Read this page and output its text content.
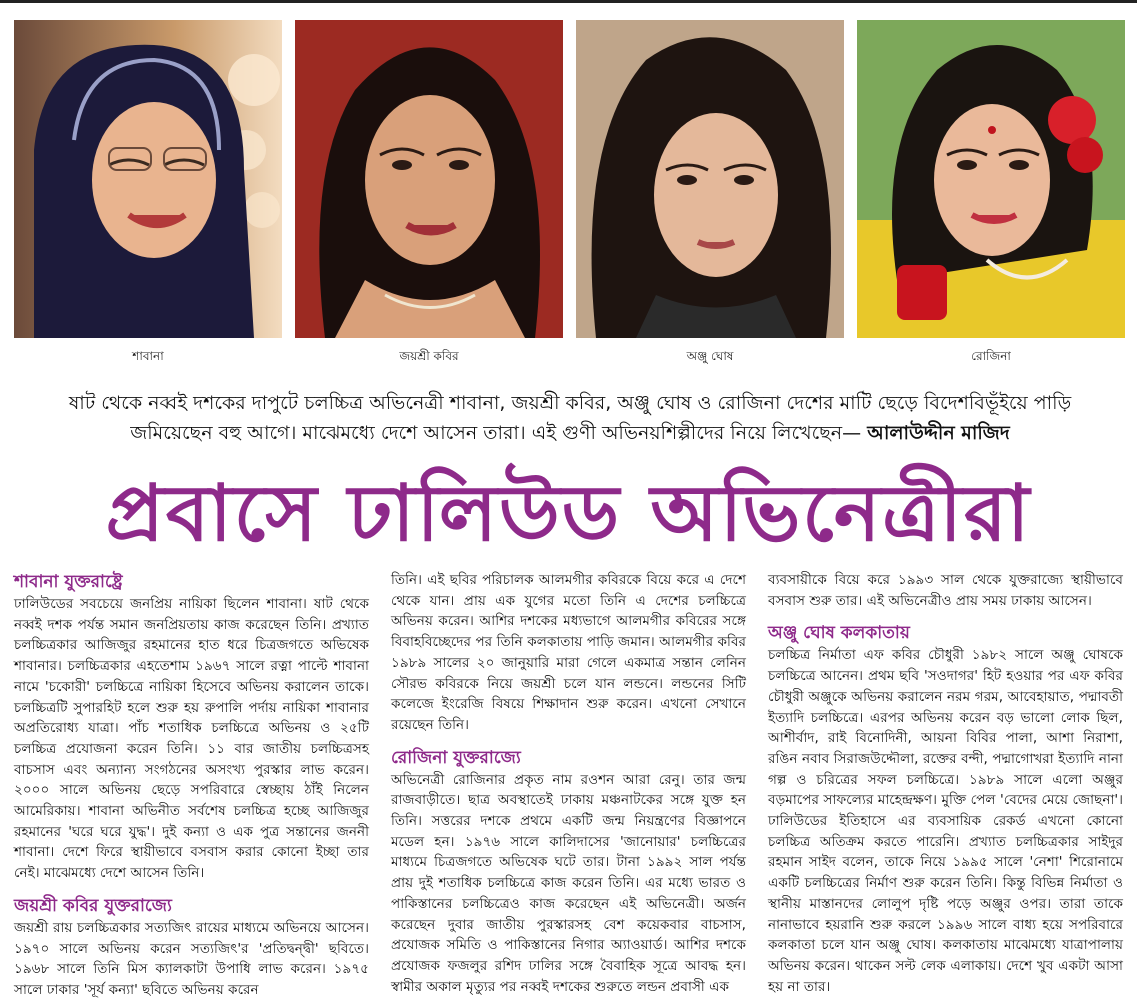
শাবানা	জয়শ্রী কবির	অঞ্জু ঘোষ	রোজিনা
ষাট থেকে নব্বই দশকের দাপুটে চলচ্চিত্র অভিনেত্রী শাবানা, জয়শ্রী কবির, অঞ্জু ঘোষ ও রোজিনা দেশের মাটি ছেড়ে বিদেশবিভূঁইয়ে পাড়ি
জমিয়েছেন বহু আগে। মাঝেমধ্যে দেশে আসেন তারা। এই গুণী অভিনয়শিল্পীদের নিয়ে লিখেছেন— আলাউদ্দীন মাজিদ
প্রবাসে ঢালিউড অভিনেত্রীরা

শাবানা যুক্তরাষ্ট্রে

ঢালিউডের সবচেয়ে জনপ্রিয় নায়িকা ছিলেন শাবানা। ষাট থেকে নব্বই দশক পর্যন্ত সমান জনপ্রিয়তায় কাজ করেছেন তিনি। প্রখ্যাত চলচ্চিত্রকার আজিজুর রহমানের হাত ধরে চিত্রজগতে অভিষেক শাবানার। চলচ্চিত্রকার এহতেশাম ১৯৬৭ সালে রত্না পাল্টে শাবানা নামে 'চকোরী' চলচ্চিত্রে নায়িকা হিসেবে অভিনয় করালেন তাকে। চলচ্চিত্রটি সুপারহিট হলে শুরু হয় রুপালি পর্দায় নায়িকা শাবানার অপ্রতিরোধ্য যাত্রা। পাঁচ শতাধিক চলচ্চিত্রে অভিনয় ও ২৫টি চলচ্চিত্র প্রযোজনা করেন তিনি। ১১ বার জাতীয় চলচ্চিত্রসহ বাচসাস এবং অন্যান্য সংগঠনের অসংখ্য পুরস্কার লাভ করেন। ২০০০ সালে অভিনয় ছেড়ে সপরিবারে স্বেচ্ছায় ঠাঁই নিলেন আমেরিকায়। শাবানা অভিনীত সর্বশেষ চলচ্চিত্র হচ্ছে আজিজুর রহমানের 'ঘরে ঘরে যুদ্ধ'। দুই কন্যা ও এক পুত্র সন্তানের জননী শাবানা। দেশে ফিরে স্থায়ীভাবে বসবাস করার কোনো ইচ্ছা তার নেই। মাঝেমধ্যে দেশে আসেন তিনি।

জয়শ্রী কবির যুক্তরাজ্যে

জয়শ্রী রায় চলচ্চিত্রকার সত্যজিৎ রায়ের মাধ্যমে অভিনয়ে আসেন। ১৯৭০ সালে অভিনয় করেন সত্যজিৎ'র 'প্রতিদ্বন্দ্বী' ছবিতে। ১৯৬৮ সালে তিনি মিস ক্যালকাটা উপাধি লাভ করেন। ১৯৭৫ সালে ঢাকার 'সূর্য কন্যা' ছবিতে অভিনয় করেন

তিনি। এই ছবির পরিচালক আলমগীর কবিরকে বিয়ে করে এ দেশে থেকে যান। প্রায় এক যুগের মতো তিনি এ দেশের চলচ্চিত্রে অভিনয় করেন। আশির দশকের মধ্যভাগে আলমগীর কবিরের সঙ্গে বিবাহবিচ্ছেদের পর তিনি কলকাতায় পাড়ি জমান। আলমগীর কবির ১৯৮৯ সালের ২০ জানুয়ারি মারা গেলে একমাত্র সন্তান লেনিন সৌরভ কবিরকে নিয়ে জয়শ্রী চলে যান লন্ডনে। লন্ডনের সিটি কলেজে ইংরেজি বিষয়ে শিক্ষাদান শুরু করেন। এখনো সেখানে রয়েছেন তিনি।

রোজিনা যুক্তরাজ্যে

অভিনেত্রী রোজিনার প্রকৃত নাম রওশন আরা রেনু। তার জন্ম রাজবাড়ীতে। ছাত্র অবস্থাতেই ঢাকায় মঞ্চনাটকের সঙ্গে যুক্ত হন তিনি। সত্তরের দশকে প্রথমে একটি জন্ম নিয়ন্ত্রণের বিজ্ঞাপনে মডেল হন। ১৯৭৬ সালে কালিদাসের 'জানোয়ার' চলচ্চিত্রের মাধ্যমে চিত্রজগতে অভিষেক ঘটে তার। টানা ১৯৯২ সাল পর্যন্ত প্রায় দুই শতাধিক চলচ্চিত্রে কাজ করেন তিনি। এর মধ্যে ভারত ও পাকিস্তানের চলচ্চিত্রেও কাজ করেছেন এই অভিনেত্রী। অর্জন করেছেন দুবার জাতীয় পুরস্কারসহ বেশ কয়েকবার বাচসাস, প্রযোজক সমিতি ও পাকিস্তানের নিগার অ্যাওয়ার্ড। আশির দশকে প্রযোজক ফজলুর রশিদ ঢালির সঙ্গে বৈবাহিক সূত্রে আবদ্ধ হন। স্বামীর অকাল মৃত্যুর পর নব্বই দশকের শুরুতে লন্ডন প্রবাসী এক

ব্যবসায়ীকে বিয়ে করে ১৯৯৩ সাল থেকে যুক্তরাজ্যে স্থায়ীভাবে বসবাস শুরু তার। এই অভিনেত্রীও প্রায় সময় ঢাকায় আসেন।

অঞ্জু ঘোষ কলকাতায়

চলচ্চিত্র নির্মাতা এফ কবির চৌধুরী ১৯৮২ সালে অঞ্জু ঘোষকে চলচ্চিত্রে আনেন। প্রথম ছবি 'সওদাগর' হিট হওয়ার পর এফ কবির চৌধুরী অঞ্জুকে অভিনয় করালেন নরম গরম, আবেহায়াত, পদ্মাবতী ইত্যাদি চলচ্চিত্রে। এরপর অভিনয় করেন বড় ভালো লোক ছিল, আশীর্বাদ, রাই বিনোদিনী, আয়না বিবির পালা, আশা নিরাশা, রঙিন নবাব সিরাজউদ্দৌলা, রক্তের বন্দী, পদ্মাগোখরা ইত্যাদি নানা গল্প ও চরিত্রের সফল চলচ্চিত্রে। ১৯৮৯ সালে এলো অঞ্জুর বড়মাপের সাফল্যের মাহেন্দ্রক্ষণ। মুক্তি পেল 'বেদের মেয়ে জোছনা'। ঢালিউডের ইতিহাসে এর ব্যবসায়িক রেকর্ড এখনো কোনো চলচ্চিত্র অতিক্রম করতে পারেনি। প্রখ্যাত চলচ্চিত্রকার সাইদুর রহমান সাইদ বলেন, তাকে নিয়ে ১৯৯৫ সালে 'নেশা' শিরোনামে একটি চলচ্চিত্রের নির্মাণ শুরু করেন তিনি। কিন্তু বিভিন্ন নির্মাতা ও স্থানীয় মাস্তানদের লোলুপ দৃষ্টি পড়ে অঞ্জুর ওপর। তারা তাকে নানাভাবে হয়রানি শুরু করলে ১৯৯৬ সালে বাধ্য হয়ে সপরিবারে কলকাতা চলে যান অঞ্জু ঘোষ। কলকাতায় মাঝেমধ্যে যাত্রাপালায় অভিনয় করেন। থাকেন সল্ট লেক এলাকায়। দেশে খুব একটা আসা হয় না তার।
